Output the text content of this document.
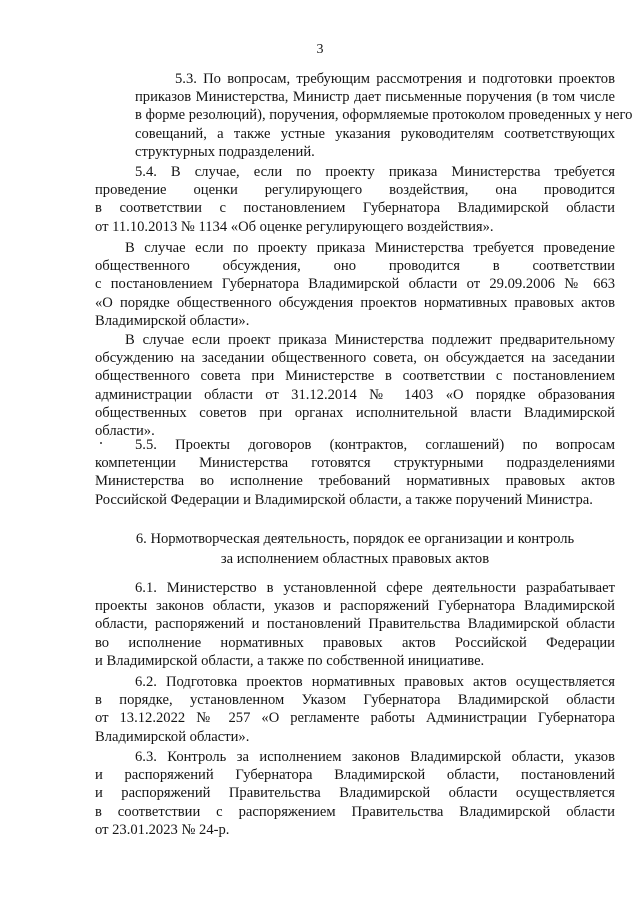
3
5.3. По вопросам, требующим рассмотрения и подготовки проектов
приказов Министерства, Министр дает письменные поручения (в том числе
в форме резолюций), поручения, оформляемые протоколом проведенных у него
совещаний, а также устные указания руководителям соответствующих
структурных подразделений.
5.4. В случае, если по проекту приказа Министерства требуется
проведение оценки регулирующего воздействия, она проводится
в соответствии с постановлением Губернатора Владимирской области
от 11.10.2013 № 1134 «Об оценке регулирующего воздействия».
В случае если по проекту приказа Министерства требуется проведение
общественного обсуждения, оно проводится в соответствии
с постановлением Губернатора Владимирской области от 29.09.2006 № 663
«О порядке общественного обсуждения проектов нормативных правовых актов
Владимирской области».
В случае если проект приказа Министерства подлежит предварительному
обсуждению на заседании общественного совета, он обсуждается на заседании
общественного совета при Министерстве в соответствии с постановлением
администрации области от 31.12.2014 № 1403 «О порядке образования
общественных советов при органах исполнительной власти Владимирской
области».
5.5. Проекты договоров (контрактов, соглашений) по вопросам
компетенции Министерства готовятся структурными подразделениями
Министерства во исполнение требований нормативных правовых актов
Российской Федерации и Владимирской области, а также поручений Министра.
6. Нормотворческая деятельность, порядок ее организации и контроль
за исполнением областных правовых актов
6.1. Министерство в установленной сфере деятельности разрабатывает
проекты законов области, указов и распоряжений Губернатора Владимирской
области, распоряжений и постановлений Правительства Владимирской области
во исполнение нормативных правовых актов Российской Федерации
и Владимирской области, а также по собственной инициативе.
6.2. Подготовка проектов нормативных правовых актов осуществляется
в порядке, установленном Указом Губернатора Владимирской области
от 13.12.2022 № 257 «О регламенте работы Администрации Губернатора
Владимирской области».
6.3. Контроль за исполнением законов Владимирской области, указов
и распоряжений Губернатора Владимирской области, постановлений
и распоряжений Правительства Владимирской области осуществляется
в соответствии с распоряжением Правительства Владимирской области
от 23.01.2023 № 24-р.
